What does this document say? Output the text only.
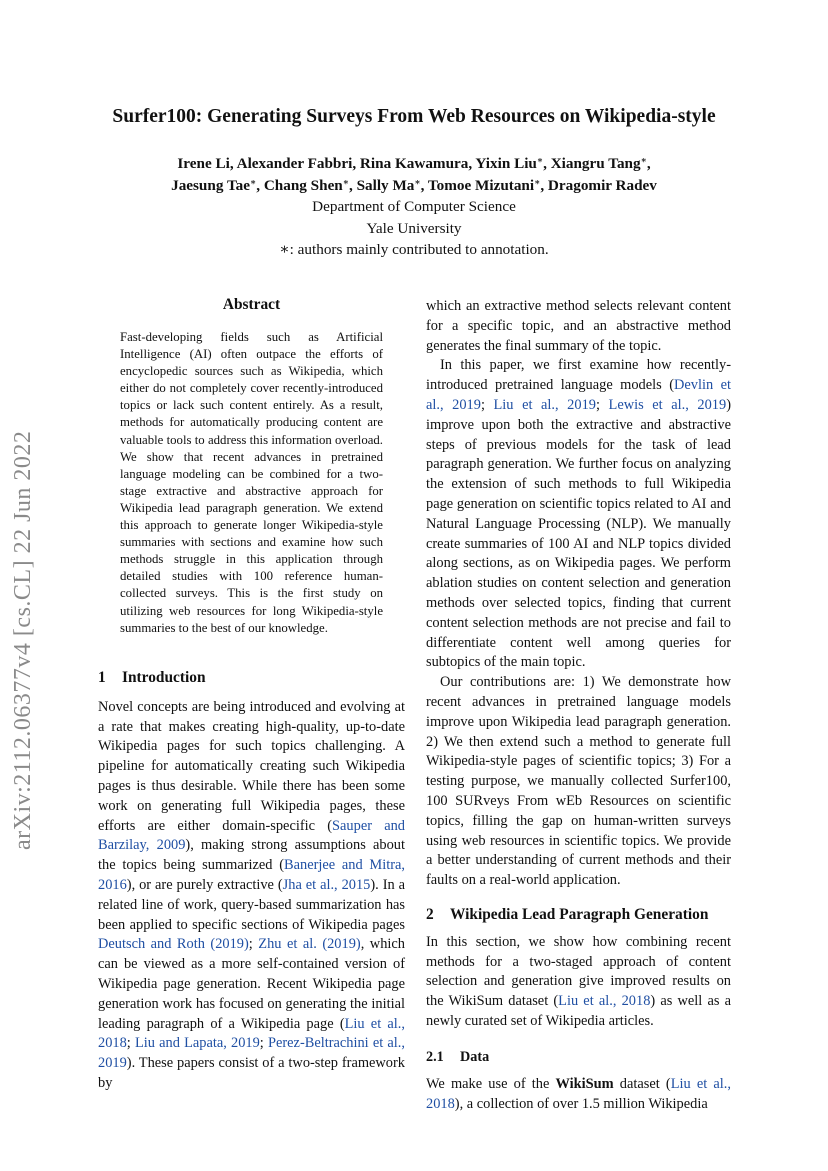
arXiv:2112.06377v4 [cs.CL] 22 Jun 2022
Surfer100: Generating Surveys From Web Resources on Wikipedia-style
Irene Li, Alexander Fabbri, Rina Kawamura, Yixin Liu∗, Xiangru Tang∗,
Jaesung Tae∗, Chang Shen∗, Sally Ma∗, Tomoe Mizutani∗, Dragomir Radev
Department of Computer Science
Yale University
∗: authors mainly contributed to annotation.
Abstract
Fast-developing fields such as Artificial Intelligence (AI) often outpace the efforts of encyclopedic sources such as Wikipedia, which either do not completely cover recently-introduced topics or lack such content entirely. As a result, methods for automatically producing content are valuable tools to address this information overload. We show that recent advances in pretrained language modeling can be combined for a two-stage extractive and abstractive approach for Wikipedia lead paragraph generation. We extend this approach to generate longer Wikipedia-style summaries with sections and examine how such methods struggle in this application through detailed studies with 100 reference human-collected surveys. This is the first study on utilizing web resources for long Wikipedia-style summaries to the best of our knowledge.
1 Introduction

Novel concepts are being introduced and evolving at a rate that makes creating high-quality, up-to-date Wikipedia pages for such topics challenging. A pipeline for automatically creating such Wikipedia pages is thus desirable. While there has been some work on generating full Wikipedia pages, these efforts are either domain-specific (Sauper and Barzilay, 2009), making strong assumptions about the topics being summarized (Banerjee and Mitra, 2016), or are purely extractive (Jha et al., 2015). In a related line of work, query-based summarization has been applied to specific sections of Wikipedia pages Deutsch and Roth (2019); Zhu et al. (2019), which can be viewed as a more self-contained version of Wikipedia page generation. Recent Wikipedia page generation work has focused on generating the initial leading paragraph of a Wikipedia page (Liu et al., 2018; Liu and Lapata, 2019; Perez-Beltrachini et al., 2019). These papers consist of a two-step framework by

which an extractive method selects relevant content for a specific topic, and an abstractive method generates the final summary of the topic.

In this paper, we first examine how recently-introduced pretrained language models (Devlin et al., 2019; Liu et al., 2019; Lewis et al., 2019) improve upon both the extractive and abstractive steps of previous models for the task of lead paragraph generation. We further focus on analyzing the extension of such methods to full Wikipedia page generation on scientific topics related to AI and Natural Language Processing (NLP). We manually create summaries of 100 AI and NLP topics divided along sections, as on Wikipedia pages. We perform ablation studies on content selection and generation methods over selected topics, finding that current content selection methods are not precise and fail to differentiate content well among queries for subtopics of the main topic.

Our contributions are: 1) We demonstrate how recent advances in pretrained language models improve upon Wikipedia lead paragraph generation. 2) We then extend such a method to generate full Wikipedia-style pages of scientific topics; 3) For a testing purpose, we manually collected Surfer100, 100 SURveys From wEb Resources on scientific topics, filling the gap on human-written surveys using web resources in scientific topics. We provide a better understanding of current methods and their faults on a real-world application.

2 Wikipedia Lead Paragraph Generation

In this section, we show how combining recent methods for a two-staged approach of content selection and generation give improved results on the WikiSum dataset (Liu et al., 2018) as well as a newly curated set of Wikipedia articles.

2.1 Data

We make use of the WikiSum dataset (Liu et al., 2018), a collection of over 1.5 million Wikipedia
